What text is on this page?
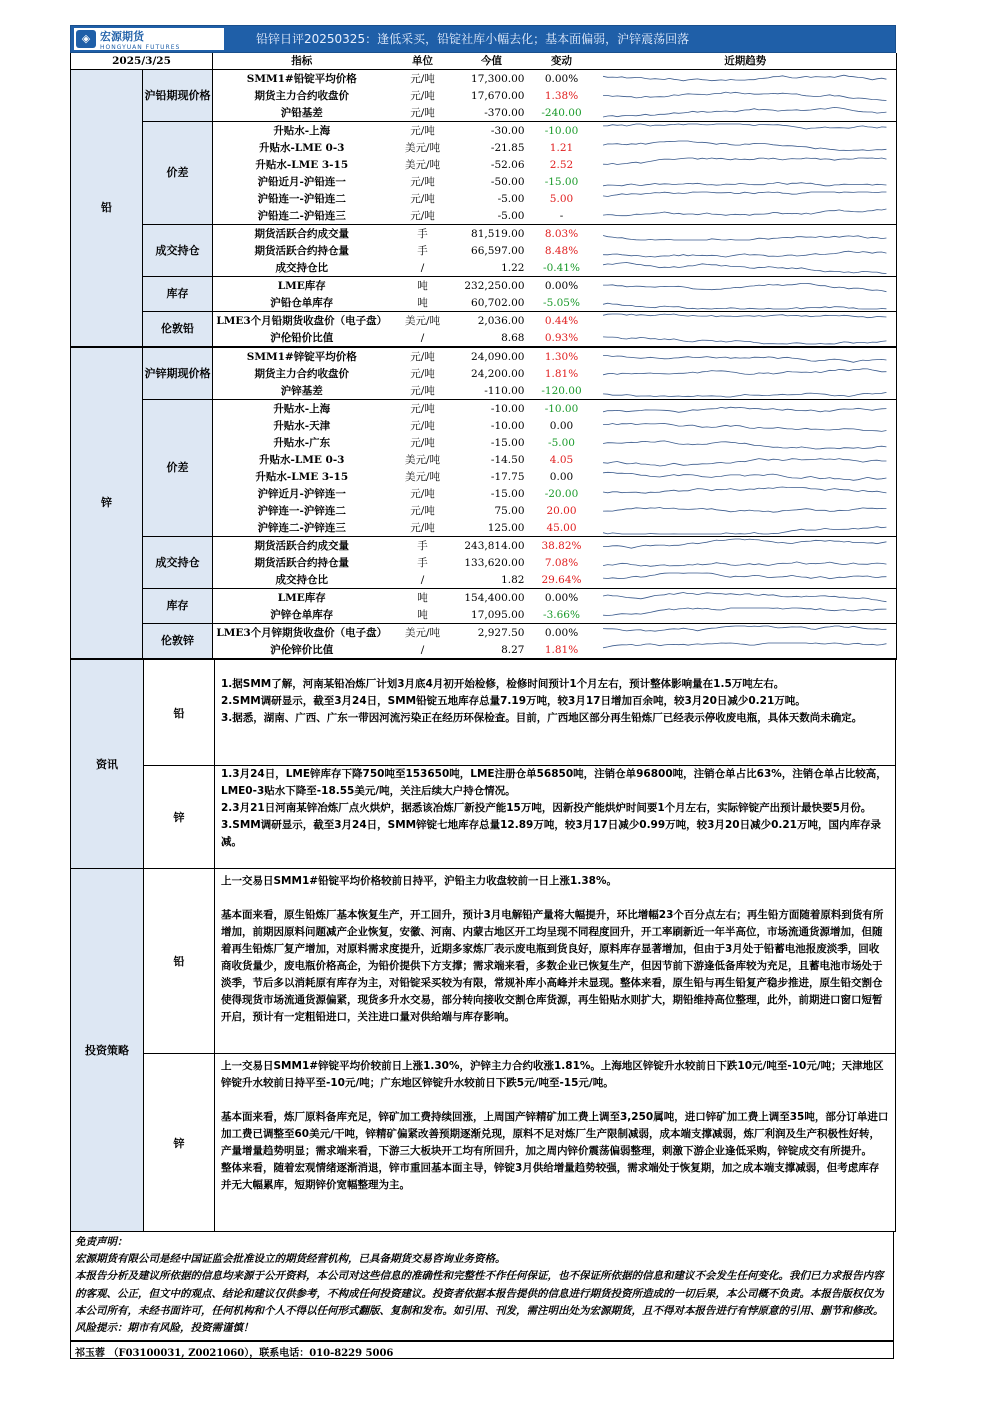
◈ 宏源期货
HONGYUAN FUTURES
铅锌日评20250325：逢低采买，铅锭社库小幅去化；基本面偏弱，沪锌震荡回落
2025/3/25		指标	单位	今值	变动	近期趋势
铅	沪铅期现价格	SMM1#铅锭平均价格	元/吨	17,300.00	0.00%	

		期货主力合约收盘价	元/吨	17,670.00	1.38%	

		沪铅基差	元/吨	-370.00	-240.00	

	价差	升贴水-上海	元/吨	-30.00	-10.00	

		升贴水-LME 0-3	美元/吨	-21.85	1.21	

		升贴水-LME 3-15	美元/吨	-52.06	2.52	

		沪铅近月-沪铅连一	元/吨	-50.00	-15.00	

		沪铅连一-沪铅连二	元/吨	-5.00	5.00	

		沪铅连二-沪铅连三	元/吨	-5.00	-	

	成交持仓	期货活跃合约成交量	手	81,519.00	8.03%	

		期货活跃合约持仓量	手	66,597.00	8.48%	

		成交持仓比	/	1.22	-0.41%	

	库存	LME库存	吨	232,250.00	0.00%	

		沪铅仓单库存	吨	60,702.00	-5.05%	

	伦敦铅	LME3个月铅期货收盘价（电子盘）	美元/吨	2,036.00	0.44%	

		沪伦铅价比值	/	8.68	0.93%	

锌	沪锌期现价格	SMM1#锌锭平均价格	元/吨	24,090.00	1.30%	

		期货主力合约收盘价	元/吨	24,200.00	1.81%	

		沪锌基差	元/吨	-110.00	-120.00	

	价差	升贴水-上海	元/吨	-10.00	-10.00	

		升贴水-天津	元/吨	-10.00	0.00	

		升贴水-广东	元/吨	-15.00	-5.00	

		升贴水-LME 0-3	美元/吨	-14.50	4.05	

		升贴水-LME 3-15	美元/吨	-17.75	0.00	

		沪锌近月-沪锌连一	元/吨	-15.00	-20.00	

		沪锌连一-沪锌连二	元/吨	75.00	20.00	

		沪锌连二-沪锌连三	元/吨	125.00	45.00	

	成交持仓	期货活跃合约成交量	手	243,814.00	38.82%	

		期货活跃合约持仓量	手	133,620.00	7.08%	

		成交持仓比	/	1.82	29.64%	

	库存	LME库存	吨	154,400.00	0.00%	

		沪锌仓单库存	吨	17,095.00	-3.66%	

	伦敦锌	LME3个月锌期货收盘价（电子盘）	美元/吨	2,927.50	0.00%	

		沪伦锌价比值	/	8.27	1.81%	
资讯
铅

1.据SMM了解，河南某铅冶炼厂计划3月底4月初开始检修，检修时间预计1个月左右，预计整体影响量在1.5万吨左右。

2.SMM调研显示，截至3月24日，SMM铅锭五地库存总量7.19万吨，较3月17日增加百余吨，较3月20日减少0.21万吨。

3.据悉，湖南、广西、广东一带因河流污染正在经历环保检查。目前，广西地区部分再生铅炼厂已经表示停收废电瓶，具体天数尚未确定。

锌

1.3月24日，LME锌库存下降750吨至153650吨，LME注册仓单56850吨，注销仓单96800吨，注销仓单占比63%，注销仓单占比较高，LME0-3贴水下降至-18.55美元/吨，关注后续大户持仓情况。

2.3月21日河南某锌冶炼厂点火烘炉，据悉该冶炼厂新投产能15万吨，因新投产能烘炉时间要1个月左右，实际锌锭产出预计最快要5月份。

3.SMM调研显示，截至3月24日，SMM锌锭七地库存总量12.89万吨，较3月17日减少0.99万吨，较3月20日减少0.21万吨，国内库存录减。

投资策略
铅

上一交易日SMM1#铅锭平均价格较前日持平，沪铅主力收盘较前一日上涨1.38%。

基本面来看，原生铅炼厂基本恢复生产，开工回升，预计3月电解铅产量将大幅提升，环比增幅23个百分点左右；再生铅方面随着原料到货有所增加，前期因原料问题减产企业恢复，安徽、河南、内蒙古地区开工均呈现不同程度回升，开工率刷新近一年半高位，市场流通货源增加，但随着再生铅炼厂复产增加，对原料需求度提升，近期多家炼厂表示废电瓶到货良好，原料库存显著增加，但由于3月处于铅蓄电池报废淡季，回收商收货量少，废电瓶价格高企，为铅价提供下方支撑；需求端来看，多数企业已恢复生产，但因节前下游逢低备库较为充足，且蓄电池市场处于淡季，节后多以消耗原有库存为主，对铅锭采买较为有限，常规补库小高峰并未显现。整体来看，原生铅与再生铅复产稳步推进，原生铅交割仓使得现货市场流通货源偏紧，现货多升水交易，部分转向接收交割仓库货源，再生铅贴水则扩大，期铅维持高位整理，此外，前期进口窗口短暂开启，预计有一定粗铅进口，关注进口量对供给端与库存影响。

锌

上一交易日SMM1#锌锭平均价较前日上涨1.30%，沪锌主力合约收涨1.81%。上海地区锌锭升水较前日下跌10元/吨至-10元/吨；天津地区锌锭升水较前日持平至-10元/吨；广东地区锌锭升水较前日下跌5元/吨至-15元/吨。

基本面来看，炼厂原料备库充足，锌矿加工费持续回涨，上周国产锌精矿加工费上调至3,250属吨，进口锌矿加工费上调至35吨，部分订单进口加工费已调整至60美元/干吨，锌精矿偏紧改善预期逐渐兑现，原料不足对炼厂生产限制减弱，成本端支撑减弱，炼厂利润及生产积极性好转，产量增量趋势明显；需求端来看，下游三大板块开工均有所回升，加之周内锌价震荡偏弱整理，刺激下游企业逢低采购，锌锭成交有所提升。

整体来看，随着宏观情绪逐渐消退，锌市重回基本面主导，锌锭3月供给增量趋势较强，需求端处于恢复期，加之成本端支撑减弱，但考虑库存并无大幅累库，短期锌价宽幅整理为主。

免责声明：
宏源期货有限公司是经中国证监会批准设立的期货经营机构，已具备期货交易咨询业务资格。
本报告分析及建议所依据的信息均来源于公开资料，本公司对这些信息的准确性和完整性不作任何保证，也不保证所依据的信息和建议不会发生任何变化。我们已力求报告内容的客观、公正，但文中的观点、结论和建议仅供参考，不构成任何投资建议。投资者依据本报告提供的信息进行期货投资所造成的一切后果，本公司概不负责。本报告版权仅为本公司所有，未经书面许可，任何机构和个人不得以任何形式翻版、复制和发布。如引用、刊发，需注明出处为宏源期货，且不得对本报告进行有悖原意的引用、删节和修改。
风险提示：期市有风险，投资需谨慎！
祁玉蓉 （F03100031, Z0021060），联系电话：010-8229 5006
